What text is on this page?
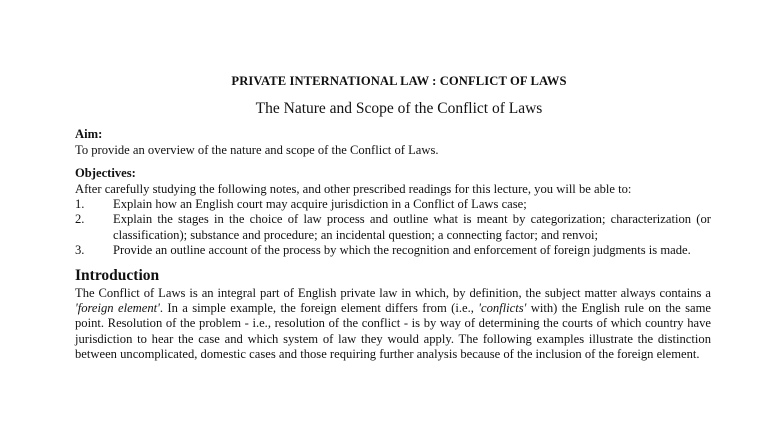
PRIVATE INTERNATIONAL LAW : CONFLICT OF LAWS
The Nature and Scope of the Conflict of Laws

Aim:

To provide an overview of the nature and scope of the Conflict of Laws.

Objectives:

After carefully studying the following notes, and other prescribed readings for this lecture, you will be able to:

1. Explain how an English court may acquire jurisdiction in a Conflict of Laws case;
2. Explain the stages in the choice of law process and outline what is meant by categorization; characterization (or classification); substance and procedure; an incidental question; a connecting factor; and renvoi;
3. Provide an outline account of the process by which the recognition and enforcement of foreign judgments is made.
Introduction

The Conflict of Laws is an integral part of English private law in which, by definition, the subject matter always contains a 'foreign element'. In a simple example, the foreign element differs from (i.e., 'conflicts' with) the English rule on the same point. Resolution of the problem - i.e., resolution of the conflict - is by way of determining the courts of which country have jurisdiction to hear the case and which system of law they would apply. The following examples illustrate the distinction between uncomplicated, domestic cases and those requiring further analysis because of the inclusion of the foreign element.
